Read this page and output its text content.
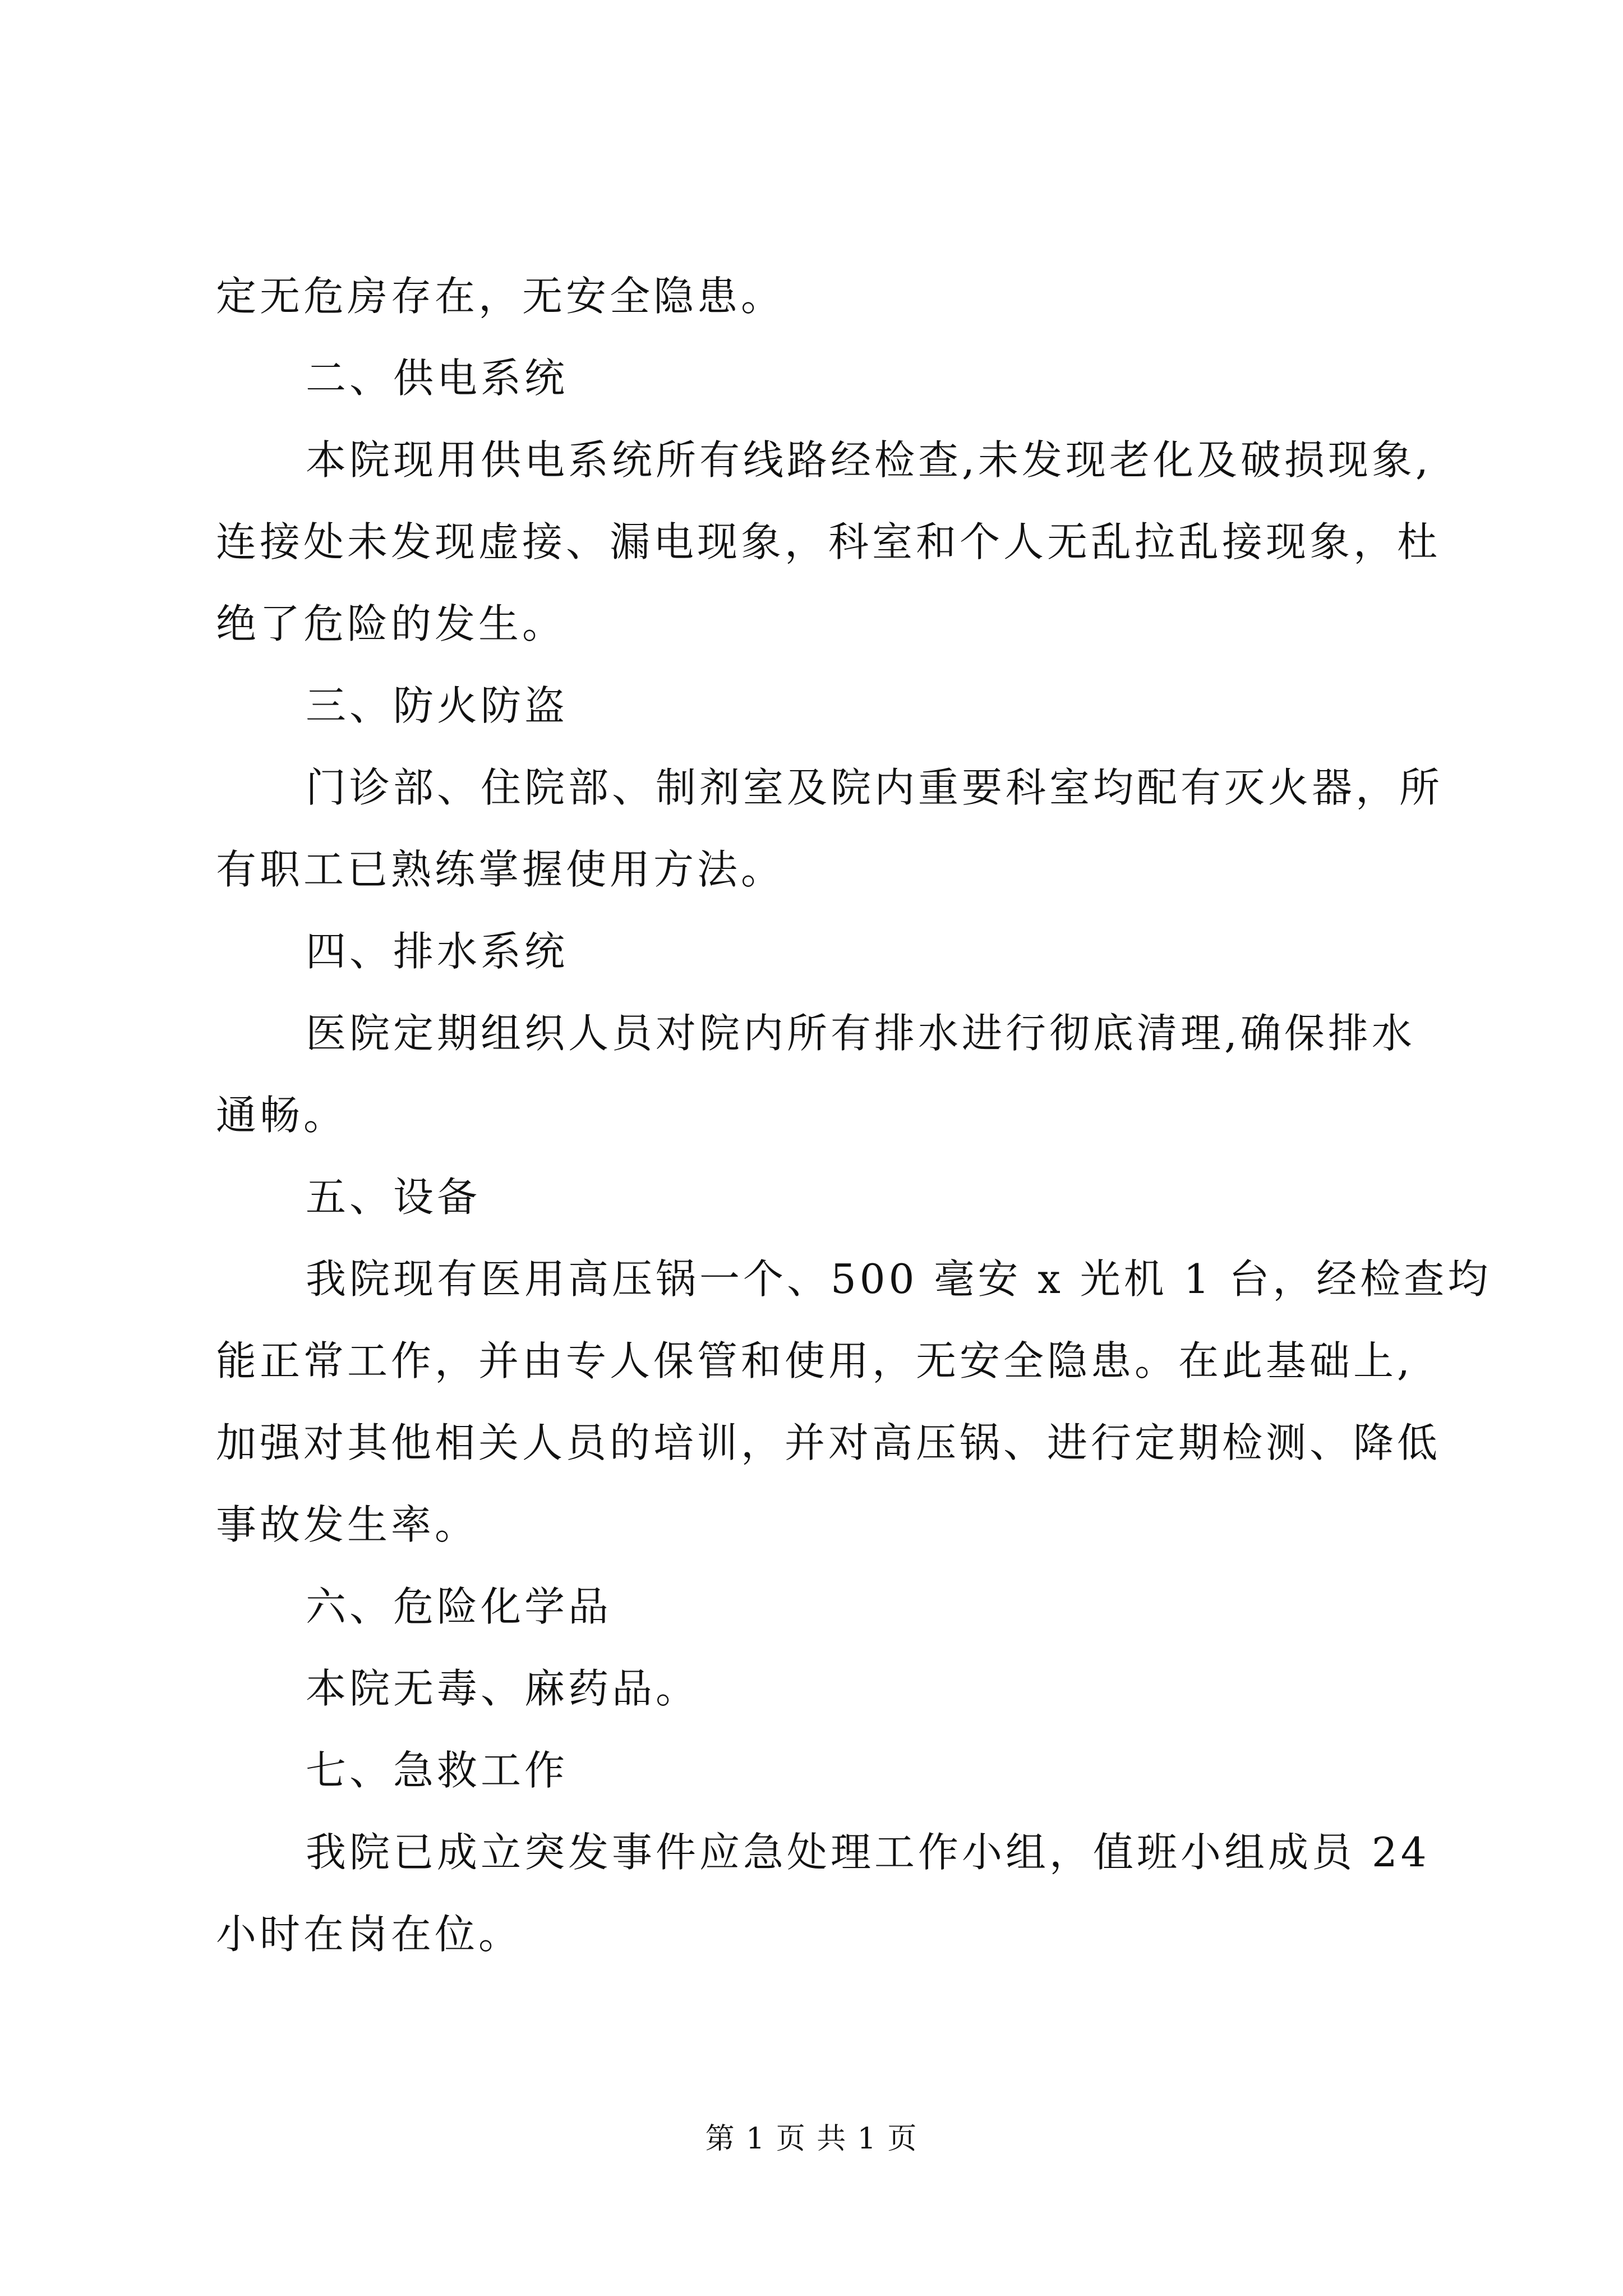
定无危房存在，无安全隐患。
二、供电系统
本院现用供电系统所有线路经检查,未发现老化及破损现象,
连接处未发现虚接、漏电现象，科室和个人无乱拉乱接现象，杜
绝了危险的发生。
三、防火防盗
门诊部、住院部、制剂室及院内重要科室均配有灭火器，所
有职工已熟练掌握使用方法。
四、排水系统
医院定期组织人员对院内所有排水进行彻底清理,确保排水
通畅。
五、设备
我院现有医用高压锅一个、500 毫安 x 光机 1 台，经检查均
能正常工作，并由专人保管和使用，无安全隐患。在此基础上,
加强对其他相关人员的培训，并对高压锅、进行定期检测、降低
事故发生率。
六、危险化学品
本院无毒、麻药品。
七、急救工作
我院已成立突发事件应急处理工作小组，值班小组成员 24
小时在岗在位。
第 1 页 共 1 页
